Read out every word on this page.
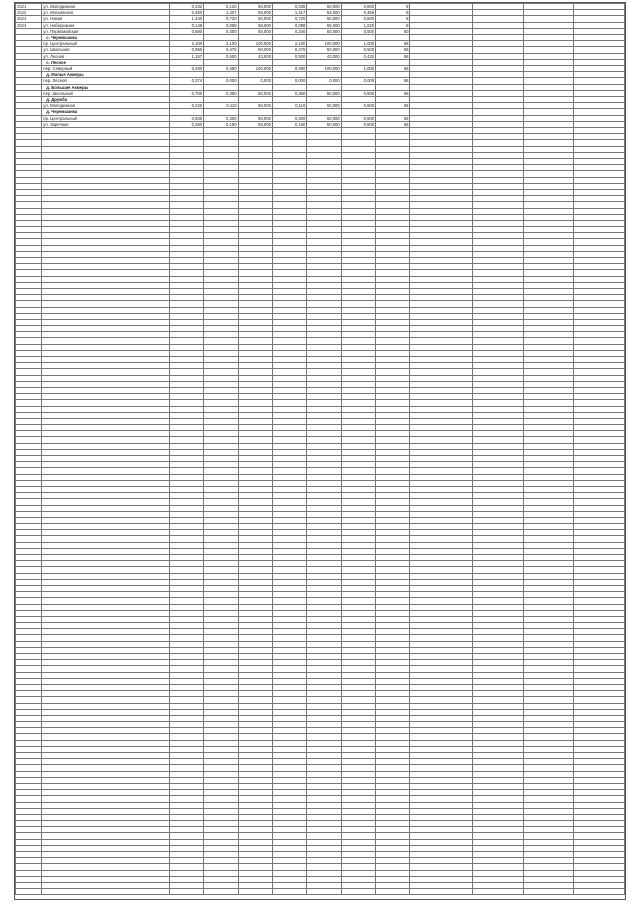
2521	ул. Молодежная	0,432	0,120	50,000	0,036	50,000	0,800	8				
2522	ул. Московская	0,450	1,407	50,000	1,417	54,000	0,356	8				
2523	ул. Новая	1,440	0,720	50,000	0,720	50,000	0,500	8				
2524	ул. Набережная	0,148	0,098	66,000	0,098	66,000	1,020	8				
	ул. Первомайская	0,680	0,300	50,000	0,340	50,000	0,500	50				
	с. Черемшанка											
	пр. Центральный	2,100	2,100	100,000	2,100	100,000	1,000	56				
	ул. Школьная	0,950	0,475	50,000	0,475	50,000	0,500	56				
	ул. Лесная	1,157	0,500	43,000	0,500	43,000	0,432	56				
	с. Лесное											
	пер. Северный	0,480	0,480	100,000	0,480	100,000	1,000	56				
	д. Малые Акмеры											
	пер. Лесной	0,374	0,000	0,000	0,000	0,000	0,000	56				
	д. Большие Акмеры											
	пер. Школьный	0,700	0,350	50,000	0,350	50,000	0,500	56				
	д. Дружба											
	ул. Молодежная	0,220	0,110	50,000	0,110	50,000	0,500	56				
	д. Черемшанка											
	пр. Центральный	0,600	0,300	50,000	0,300	50,000	0,500	56				
	ул. Заречная	0,380	0,190	50,000	0,190	50,000	0,500	56				
